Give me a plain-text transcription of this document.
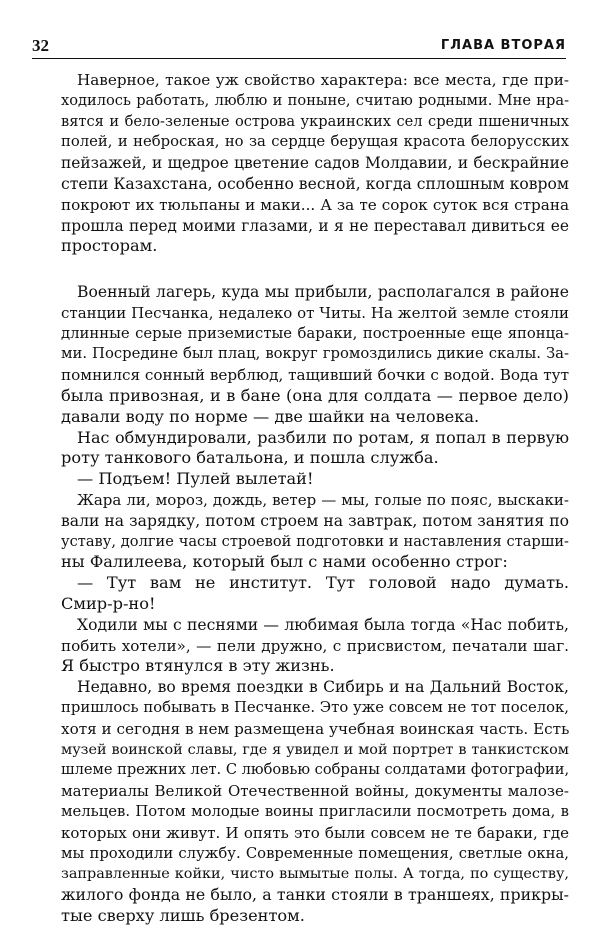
32	ГЛАВА ВТОРАЯ
Наверное, такое уж свойство характера: все места, где при-
ходилось работать, люблю и поныне, считаю родными. Мне нра-
вятся и бело-зеленые острова украинских сел среди пшеничных
полей, и неброская, но за сердце берущая красота белорусских
пейзажей, и щедрое цветение садов Молдавии, и бескрайние
степи Казахстана, особенно весной, когда сплошным ковром
покроют их тюльпаны и маки... А за те сорок суток вся страна
прошла перед моими глазами, и я не переставал дивиться ее
просторам.
Военный лагерь, куда мы прибыли, располагался в районе
станции Песчанка, недалеко от Читы. На желтой земле стояли
длинные серые приземистые бараки, построенные еще японца-
ми. Посредине был плац, вокруг громоздились дикие скалы. За-
помнился сонный верблюд, тащивший бочки с водой. Вода тут
была привозная, и в бане (она для солдата — первое дело)
давали воду по норме — две шайки на человека.
Нас обмундировали, разбили по ротам, я попал в первую
роту танкового батальона, и пошла служба.
— Подъем! Пулей вылетай!
Жара ли, мороз, дождь, ветер — мы, голые по пояс, выскаки-
вали на зарядку, потом строем на завтрак, потом занятия по
уставу, долгие часы строевой подготовки и наставления старши-
ны Фалилеева, который был с нами особенно строг:
— Тут вам не институт. Тут головой надо думать.
Смир-р-но!
Ходили мы с песнями — любимая была тогда «Нас побить,
побить хотели», — пели дружно, с присвистом, печатали шаг.
Я быстро втянулся в эту жизнь.
Недавно, во время поездки в Сибирь и на Дальний Восток,
пришлось побывать в Песчанке. Это уже совсем не тот поселок,
хотя и сегодня в нем размещена учебная воинская часть. Есть
музей воинской славы, где я увидел и мой портрет в танкистском
шлеме прежних лет. С любовью собраны солдатами фотографии,
материалы Великой Отечественной войны, документы малозе-
мельцев. Потом молодые воины пригласили посмотреть дома, в
которых они живут. И опять это были совсем не те бараки, где
мы проходили службу. Современные помещения, светлые окна,
заправленные койки, чисто вымытые полы. А тогда, по существу,
жилого фонда не было, а танки стояли в траншеях, прикры-
тые сверху лишь брезентом.
